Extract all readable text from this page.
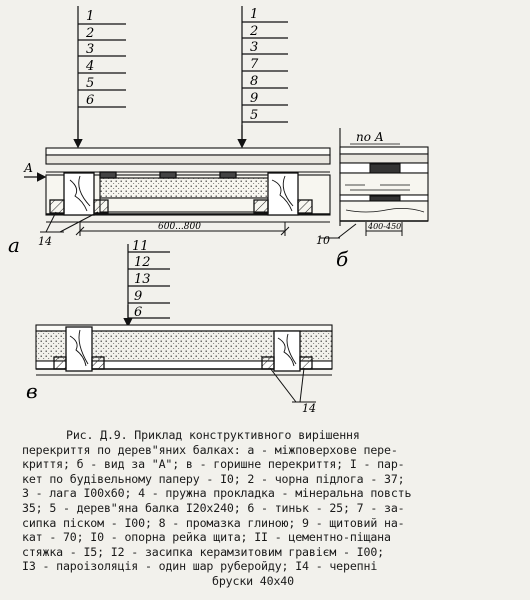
1
2
3
4
5
6
1
2
3
7
8
9
5
А
600...800
14
а
по А
400-450
10
б
11
12
13
9
6
14
в
Рис. Д.9. Приклад конструктивного вирішення
перекриття по дерев"яних балках: а - міжповерхове пере-
криття; б - вид за "А"; в - горишне перекриття; I - пар-
кет по будівельному паперу - I0; 2 - чорна підлога - 37;
3 - лага I00х60; 4 - пружна прокладка - мінеральна повсть
35; 5 - дерев"яна балка I20х240; 6 - тиньк - 25; 7 - за-
сипка піском - I00; 8 - промазка глиною; 9 - щитовий на-
кат - 70; I0 - опорна рейка щита; II - цементно-піщана
стяжка - I5; I2 - засипка керамзитовим гравієм - I00;
I3 - пароізоляція - один шар руберойду; I4 - черепні
бруски 40х40
